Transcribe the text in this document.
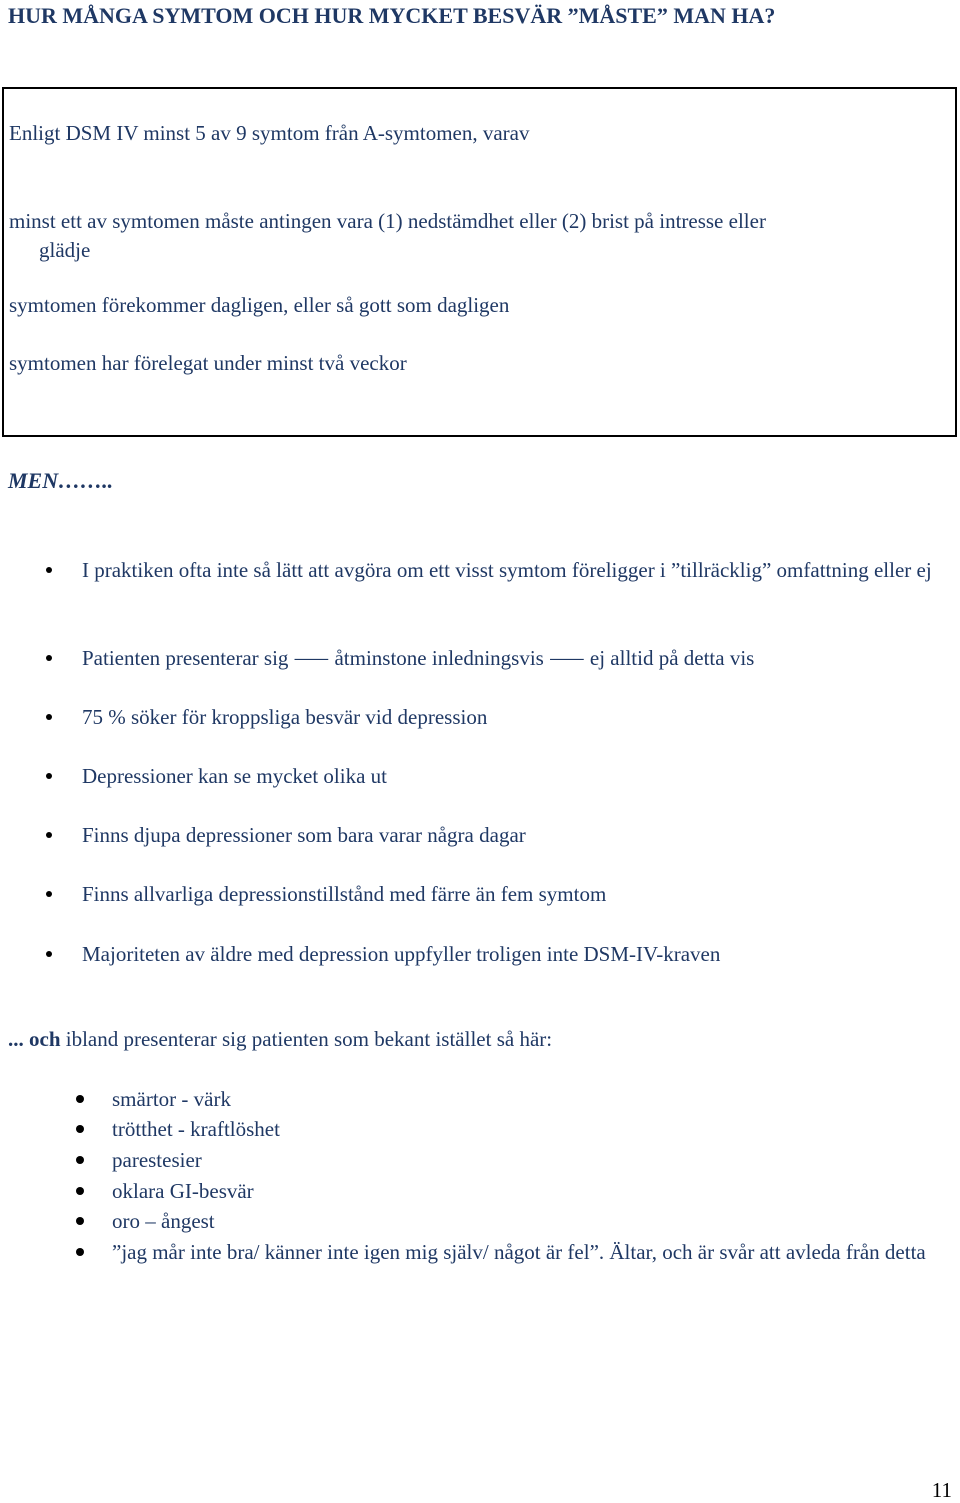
HUR MÅNGA SYMTOM OCH HUR MYCKET BESVÄR ”MÅSTE” MAN HA?
Enligt DSM IV minst 5 av 9 symtom från A-symtomen, varav
minst ett av symtomen måste antingen vara (1) nedstämdhet eller (2) brist på intresse eller
glädje
symtomen förekommer dagligen, eller så gott som dagligen
symtomen har förelegat under minst två veckor
MEN……..
I praktiken ofta inte så lätt att avgöra om ett visst symtom föreligger i ”tillräcklig” omfattning eller ej
Patienten presenterar sig ⸺ åtminstone inledningsvis ⸺ ej alltid på detta vis
75 % söker för kroppsliga besvär vid depression
Depressioner kan se mycket olika ut
Finns djupa depressioner som bara varar några dagar
Finns allvarliga depressionstillstånd med färre än fem symtom
Majoriteten av äldre med depression uppfyller troligen inte DSM-IV-kraven
... och ibland presenterar sig patienten som bekant istället så här:
smärtor - värk
trötthet - kraftlöshet
parestesier
oklara GI-besvär
oro – ångest
”jag mår inte bra/ känner inte igen mig själv/ något är fel”. Ältar, och är svår att avleda från detta
11
